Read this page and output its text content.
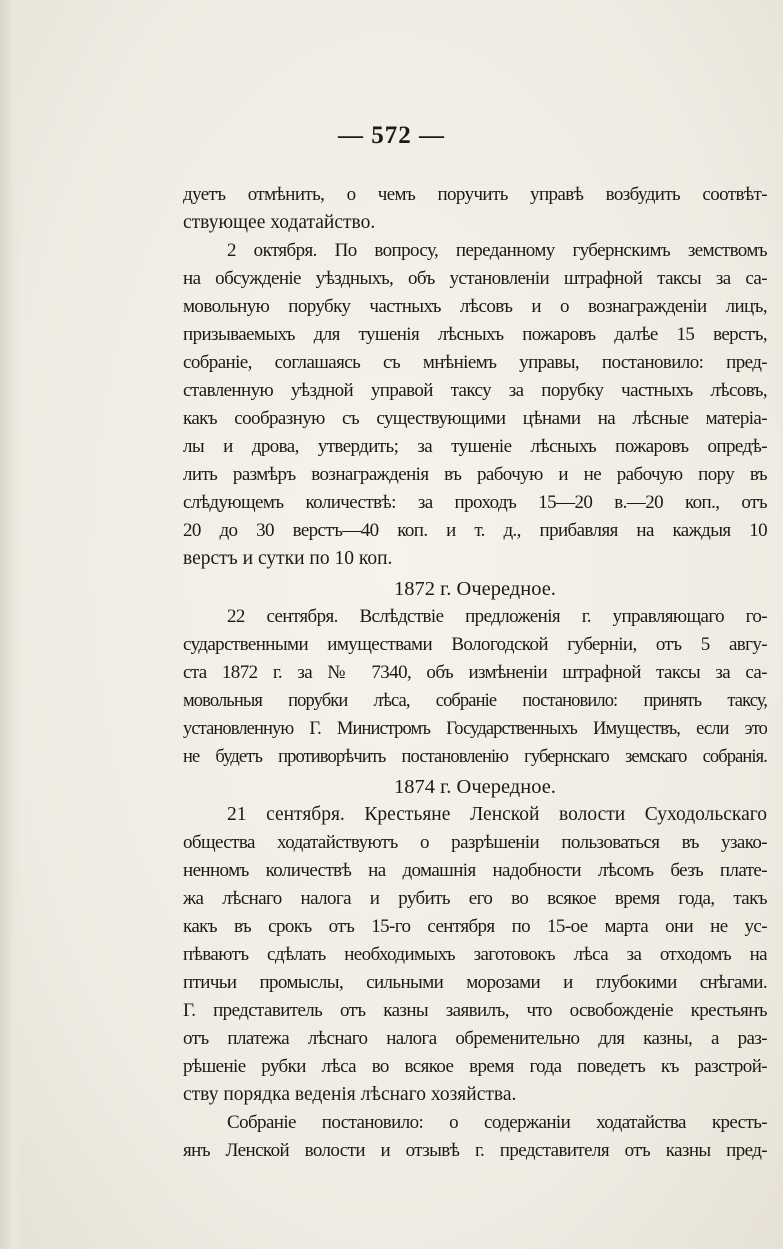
— 572 —
дуетъ отмѣнить, о чемъ поручить управѣ возбудить соотвѣт-
ствующее ходатайство.
2 октября. По вопросу, переданному губернскимъ земствомъ
на обсужденіе уѣздныхъ, объ установленіи штрафной таксы за са-
мовольную порубку частныхъ лѣсовъ и о вознагражденіи лицъ,
призываемыхъ для тушенія лѣсныхъ пожаровъ далѣе 15 верстъ,
собраніе, соглашаясь съ мнѣніемъ управы, постановило: пред-
ставленную уѣздной управой таксу за порубку частныхъ лѣсовъ,
какъ сообразную съ существующими цѣнами на лѣсные матеріа-
лы и дрова, утвердить; за тушеніе лѣсныхъ пожаровъ опредѣ-
лить размѣръ вознагражденія въ рабочую и не рабочую пору въ
слѣдующемъ количествѣ: за проходъ 15—20 в.—20 коп., отъ
20 до 30 верстъ—40 коп. и т. д., прибавляя на каждыя 10
верстъ и сутки по 10 коп.
1872 г. Очередное.
22 сентября. Вслѣдствіе предложенія г. управляющаго го-
сударственными имуществами Вологодской губерніи, отъ 5 авгу-
ста 1872 г. за № 7340, объ измѣненіи штрафной таксы за са-
мовольныя порубки лѣса, собраніе постановило: принять таксу,
установленную Г. Министромъ Государственныхъ Имуществъ, если это
не будетъ противорѣчить постановленію губернскаго земскаго собранія.
1874 г. Очередное.
21 сентября. Крестьяне Ленской волости Суходольскаго
общества ходатайствуютъ о разрѣшеніи пользоваться въ узако-
ненномъ количествѣ на домашнія надобности лѣсомъ безъ плате-
жа лѣснаго налога и рубить его во всякое время года, такъ
какъ въ срокъ отъ 15-го сентября по 15-ое марта они не ус-
пѣваютъ сдѣлать необходимыхъ заготовокъ лѣса за отходомъ на
птичьи промыслы, сильными морозами и глубокими снѣгами.
Г. представитель отъ казны заявилъ, что освобожденіе крестьянъ
отъ платежа лѣснаго налога обременительно для казны, а раз-
рѣшеніе рубки лѣса во всякое время года поведетъ къ разстрой-
ству порядка веденія лѣснаго хозяйства.
Собраніе постановило: о содержаніи ходатайства кресть-
янъ Ленской волости и отзывѣ г. представителя отъ казны пред-
